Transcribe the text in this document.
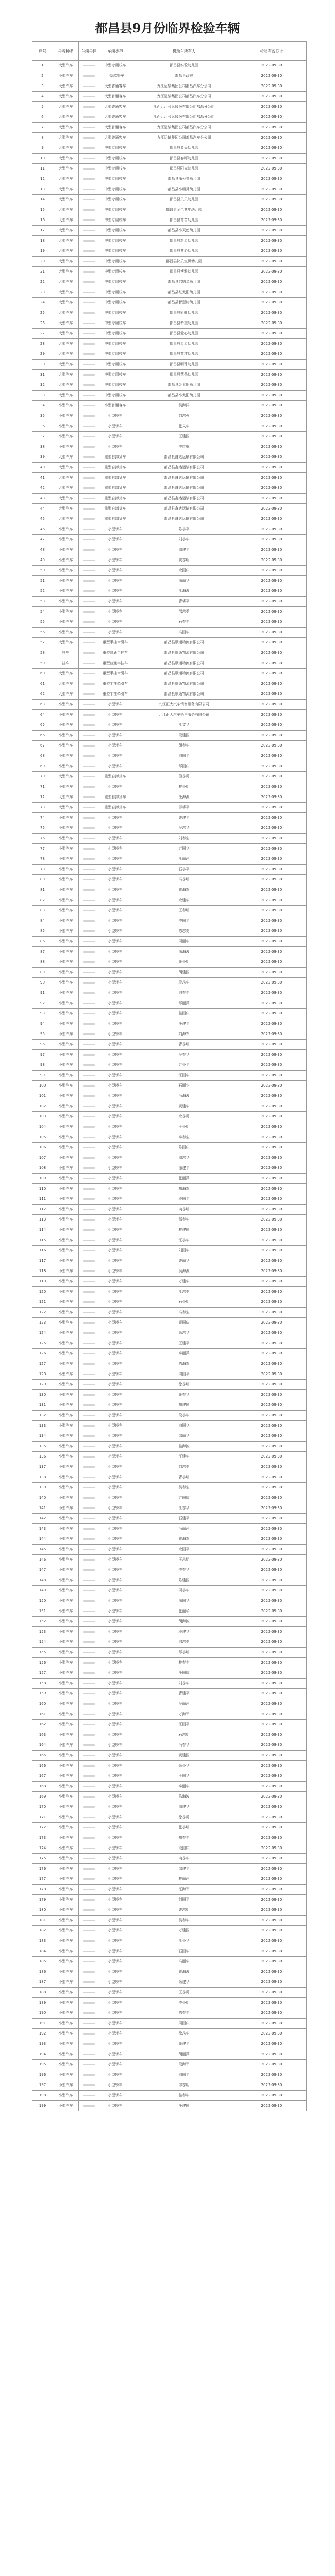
都昌县9月份临界检验车辆
序号	号牌种类	车辆号码	车辆类型	机动车所有人	检验有效期止
1	大型汽车		中型专用校车	都昌县实验幼儿园	2022-09-30
2	小型汽车		小型越野车	都昌县政府	2022-09-30
3	大型汽车		大型普通客车	九江运输集团公司都昌汽车分公司	2022-09-30
4	大型汽车		大型普通客车	九江运输集团公司都昌汽车分公司	2022-09-30
5	大型汽车		大型普通客车	江西九江长运股份有限公司都昌分公司	2022-09-30
6	大型汽车		大型普通客车	江西九江长运股份有限公司都昌分公司	2022-09-30
7	大型汽车		大型普通客车	九江运输集团公司都昌汽车分公司	2022-09-30
8	大型汽车		大型普通客车	九江运输集团公司都昌汽车分公司	2022-09-30
9	大型汽车		中型专用校车	都昌县蓝天幼儿园	2022-09-30
10	大型汽车		中型专用校车	都昌县春晖幼儿园	2022-09-30
11	大型汽车		中型专用校车	都昌县阳光幼儿园	2022-09-30
12	大型汽车		中型专用校车	都昌县蒲公英幼儿园	2022-09-30
13	大型汽车		中型专用校车	都昌县小精灵幼儿园	2022-09-30
14	大型汽车		中型专用校车	都昌县贝贝幼儿园	2022-09-30
15	大型汽车		中型专用校车	都昌县金色童年幼儿园	2022-09-30
16	大型汽车		中型专用校车	都昌县育苗幼儿园	2022-09-30
17	大型汽车		中型专用校车	都昌县小天使幼儿园	2022-09-30
18	大型汽车		中型专用校车	都昌县新星幼儿园	2022-09-30
19	大型汽车		中型专用校车	都昌县童心幼儿园	2022-09-30
20	大型汽车		中型专用校车	都昌县快乐宝贝幼儿园	2022-09-30
21	大型汽车		中型专用校车	都昌县博雅幼儿园	2022-09-30
22	大型汽车		中型专用校车	都昌县启明星幼儿园	2022-09-30
23	大型汽车		中型专用校车	都昌县红太阳幼儿园	2022-09-30
24	大型汽车		中型专用校车	都昌县智慧树幼儿园	2022-09-30
25	大型汽车		中型专用校车	都昌县彩虹幼儿园	2022-09-30
26	大型汽车		中型专用校车	都昌县希望幼儿园	2022-09-30
27	大型汽车		中型专用校车	都昌县爱心幼儿园	2022-09-30
28	大型汽车		中型专用校车	都昌县星星幼儿园	2022-09-30
29	大型汽车		中型专用校车	都昌县育才幼儿园	2022-09-30
30	大型汽车		中型专用校车	都昌县明珠幼儿园	2022-09-30
31	大型汽车		中型专用校车	都昌县花朵幼儿园	2022-09-30
32	大型汽车		中型专用校车	都昌县金太阳幼儿园	2022-09-30
33	大型汽车		中型专用校车	都昌县小太阳幼儿园	2022-09-30
34	小型汽车		小型普通客车	吴海洋	2022-09-30
35	小型汽车		小型轿车	刘志强	2022-09-30
36	小型汽车		小型轿车	张文华	2022-09-30
37	小型汽车		小型轿车	王建国	2022-09-30
38	小型汽车		小型轿车	李红梅	2022-09-30
39	大型汽车		重型自卸货车	都昌县鑫达运输有限公司	2022-09-30
40	大型汽车		重型自卸货车	都昌县鑫达运输有限公司	2022-09-30
41	大型汽车		重型自卸货车	都昌县鑫达运输有限公司	2022-09-30
42	大型汽车		重型自卸货车	都昌县鑫达运输有限公司	2022-09-30
43	大型汽车		重型自卸货车	都昌县鑫达运输有限公司	2022-09-30
44	大型汽车		重型自卸货车	都昌县鑫达运输有限公司	2022-09-30
45	大型汽车		重型自卸货车	都昌县鑫达运输有限公司	2022-09-30
46	小型汽车		小型轿车	陈小平	2022-09-30
47	小型汽车		小型轿车	刘小华	2022-09-30
48	小型汽车		小型轿车	周建平	2022-09-30
49	小型汽车		小型轿车	黄志明	2022-09-30
50	小型汽车		小型轿车	余国庆	2022-09-30
51	小型汽车		小型轿车	徐丽华	2022-09-30
52	小型汽车		小型轿车	江海波	2022-09-30
53	小型汽车		小型轿车	曹华平	2022-09-30
54	小型汽车		小型轿车	邵志勇	2022-09-30
55	小型汽车		小型轿车	石春生	2022-09-30
56	小型汽车		小型轿车	冯国华	2022-09-30
57	大型汽车		重型半挂牵引车	都昌县顺通物流有限公司	2022-09-30
58	挂车		重型普通半挂车	都昌县顺通物流有限公司	2022-09-30
59	挂车		重型普通半挂车	都昌县顺通物流有限公司	2022-09-30
60	大型汽车		重型半挂牵引车	都昌县顺通物流有限公司	2022-09-30
61	大型汽车		重型半挂牵引车	都昌县顺通物流有限公司	2022-09-30
62	大型汽车		重型半挂牵引车	都昌县顺通物流有限公司	2022-09-30
63	小型汽车		小型轿车	九江正大汽车销售服务有限公司	2022-09-30
64	小型汽车		小型轿车	九江正大汽车销售服务有限公司	2022-09-30
65	小型汽车		小型轿车	江文华	2022-09-30
66	小型汽车		小型轿车	段建国	2022-09-30
67	小型汽车		小型轿车	胡春华	2022-09-30
68	小型汽车		小型轿车	向国平	2022-09-30
69	小型汽车		小型轿车	邹国庆	2022-09-30
70	大型汽车		重型自卸货车	但志勇	2022-09-30
71	小型汽车		小型轿车	桂小明	2022-09-30
72	大型汽车		重型自卸货车	汪海波	2022-09-30
73	大型汽车		重型自卸货车	邵华平	2022-09-30
74	小型汽车		小型轿车	曹建平	2022-09-30
75	小型汽车		小型轿车	吴志华	2022-09-30
76	小型汽车		小型轿车	刘春生	2022-09-30
77	小型汽车		小型轿车	万国华	2022-09-30
78	小型汽车		小型轿车	江丽萍	2022-09-30
79	小型汽车		小型轿车	石小平	2022-09-30
80	小型汽车		小型轿车	冯志明	2022-09-30
81	小型汽车		小型轿车	黄海军	2022-09-30
82	小型汽车		小型轿车	余建华	2022-09-30
83	小型汽车		小型轿车	王春明	2022-09-30
84	小型汽车		小型轿车	李国平	2022-09-30
85	小型汽车		小型轿车	陈志勇	2022-09-30
86	小型汽车		小型轿车	周丽华	2022-09-30
87	小型汽车		小型轿车	徐海波	2022-09-30
88	小型汽车		小型轿车	张小明	2022-09-30
89	小型汽车		小型轿车	胡建国	2022-09-30
90	小型汽车		小型轿车	段志华	2022-09-30
91	小型汽车		小型轿车	向春生	2022-09-30
92	小型汽车		小型轿车	邹丽萍	2022-09-30
93	小型汽车		小型轿车	桂国庆	2022-09-30
94	小型汽车		小型轿车	汪建平	2022-09-30
95	小型汽车		小型轿车	刘海军	2022-09-30
96	小型汽车		小型轿车	曹志明	2022-09-30
97	小型汽车		小型轿车	吴春华	2022-09-30
98	小型汽车		小型轿车	万小平	2022-09-30
99	小型汽车		小型轿车	江国华	2022-09-30
100	小型汽车		小型轿车	石丽华	2022-09-30
101	小型汽车		小型轿车	冯海波	2022-09-30
102	小型汽车		小型轿车	黄建华	2022-09-30
103	小型汽车		小型轿车	余志勇	2022-09-30
104	小型汽车		小型轿车	王小明	2022-09-30
105	小型汽车		小型轿车	李春生	2022-09-30
106	小型汽车		小型轿车	陈国庆	2022-09-30
107	小型汽车		小型轿车	周志华	2022-09-30
108	小型汽车		小型轿车	徐建平	2022-09-30
109	小型汽车		小型轿车	张丽萍	2022-09-30
110	小型汽车		小型轿车	胡海军	2022-09-30
111	小型汽车		小型轿车	段国平	2022-09-30
112	小型汽车		小型轿车	向志明	2022-09-30
113	小型汽车		小型轿车	邹春华	2022-09-30
114	小型汽车		小型轿车	桂建国	2022-09-30
115	小型汽车		小型轿车	汪小华	2022-09-30
116	小型汽车		小型轿车	刘国华	2022-09-30
117	小型汽车		小型轿车	曹丽华	2022-09-30
118	小型汽车		小型轿车	吴海波	2022-09-30
119	小型汽车		小型轿车	万建华	2022-09-30
120	小型汽车		小型轿车	江志勇	2022-09-30
121	小型汽车		小型轿车	石小明	2022-09-30
122	小型汽车		小型轿车	冯春生	2022-09-30
123	小型汽车		小型轿车	黄国庆	2022-09-30
124	小型汽车		小型轿车	余志华	2022-09-30
125	小型汽车		小型轿车	王建平	2022-09-30
126	小型汽车		小型轿车	李丽萍	2022-09-30
127	小型汽车		小型轿车	陈海军	2022-09-30
128	小型汽车		小型轿车	周国平	2022-09-30
129	小型汽车		小型轿车	徐志明	2022-09-30
130	小型汽车		小型轿车	张春华	2022-09-30
131	小型汽车		小型轿车	胡建国	2022-09-30
132	小型汽车		小型轿车	段小华	2022-09-30
133	小型汽车		小型轿车	向国华	2022-09-30
134	小型汽车		小型轿车	邹丽华	2022-09-30
135	小型汽车		小型轿车	桂海波	2022-09-30
136	小型汽车		小型轿车	汪建华	2022-09-30
137	小型汽车		小型轿车	刘志勇	2022-09-30
138	小型汽车		小型轿车	曹小明	2022-09-30
139	小型汽车		小型轿车	吴春生	2022-09-30
140	小型汽车		小型轿车	万国庆	2022-09-30
141	小型汽车		小型轿车	江志华	2022-09-30
142	小型汽车		小型轿车	石建平	2022-09-30
143	小型汽车		小型轿车	冯丽萍	2022-09-30
144	小型汽车		小型轿车	黄海军	2022-09-30
145	小型汽车		小型轿车	余国平	2022-09-30
146	小型汽车		小型轿车	王志明	2022-09-30
147	小型汽车		小型轿车	李春华	2022-09-30
148	小型汽车		小型轿车	陈建国	2022-09-30
149	小型汽车		小型轿车	周小华	2022-09-30
150	小型汽车		小型轿车	徐国华	2022-09-30
151	小型汽车		小型轿车	张丽华	2022-09-30
152	小型汽车		小型轿车	胡海波	2022-09-30
153	小型汽车		小型轿车	段建华	2022-09-30
154	小型汽车		小型轿车	向志勇	2022-09-30
155	小型汽车		小型轿车	邹小明	2022-09-30
156	小型汽车		小型轿车	桂春生	2022-09-30
157	小型汽车		小型轿车	汪国庆	2022-09-30
158	小型汽车		小型轿车	刘志华	2022-09-30
159	小型汽车		小型轿车	曹建平	2022-09-30
160	小型汽车		小型轿车	吴丽萍	2022-09-30
161	小型汽车		小型轿车	万海军	2022-09-30
162	小型汽车		小型轿车	江国平	2022-09-30
163	小型汽车		小型轿车	石志明	2022-09-30
164	小型汽车		小型轿车	冯春华	2022-09-30
165	小型汽车		小型轿车	黄建国	2022-09-30
166	小型汽车		小型轿车	余小华	2022-09-30
167	小型汽车		小型轿车	王国华	2022-09-30
168	小型汽车		小型轿车	李丽华	2022-09-30
169	小型汽车		小型轿车	陈海波	2022-09-30
170	小型汽车		小型轿车	周建华	2022-09-30
171	小型汽车		小型轿车	徐志勇	2022-09-30
172	小型汽车		小型轿车	张小明	2022-09-30
173	小型汽车		小型轿车	胡春生	2022-09-30
174	小型汽车		小型轿车	段国庆	2022-09-30
175	小型汽车		小型轿车	向志华	2022-09-30
176	小型汽车		小型轿车	邹建平	2022-09-30
177	小型汽车		小型轿车	桂丽萍	2022-09-30
178	小型汽车		小型轿车	汪海军	2022-09-30
179	小型汽车		小型轿车	刘国平	2022-09-30
180	小型汽车		小型轿车	曹志明	2022-09-30
181	小型汽车		小型轿车	吴春华	2022-09-30
182	小型汽车		小型轿车	万建国	2022-09-30
183	小型汽车		小型轿车	江小华	2022-09-30
184	小型汽车		小型轿车	石国华	2022-09-30
185	小型汽车		小型轿车	冯丽华	2022-09-30
186	小型汽车		小型轿车	黄海波	2022-09-30
187	小型汽车		小型轿车	余建华	2022-09-30
188	小型汽车		小型轿车	王志勇	2022-09-30
189	小型汽车		小型轿车	李小明	2022-09-30
190	小型汽车		小型轿车	陈春生	2022-09-30
191	小型汽车		小型轿车	周国庆	2022-09-30
192	小型汽车		小型轿车	徐志华	2022-09-30
193	小型汽车		小型轿车	张建平	2022-09-30
194	小型汽车		小型轿车	胡丽萍	2022-09-30
195	小型汽车		小型轿车	段海军	2022-09-30
196	小型汽车		小型轿车	向国平	2022-09-30
197	小型汽车		小型轿车	邹志明	2022-09-30
198	小型汽车		小型轿车	桂春华	2022-09-30
199	小型汽车		小型轿车	汪建国	2022-09-30
